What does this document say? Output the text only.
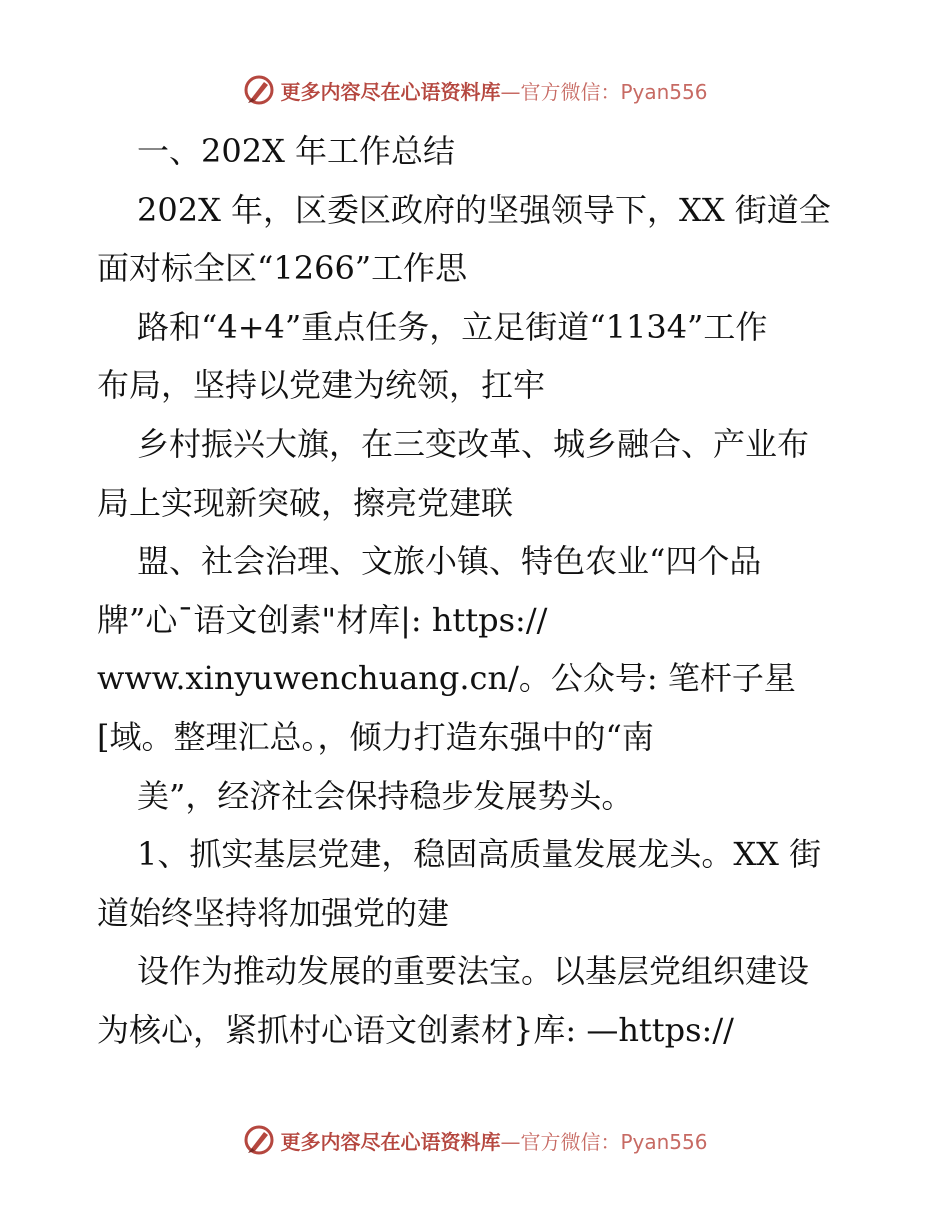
更多内容尽在心语资料库—官方微信：Pyan556
一、202X 年工作总结
202X 年，区委区政府的坚强领导下，XX 街道全
面对标全区“1266”工作思
路和“4+4”重点任务，立足街道“1134”工作
布局，坚持以党建为统领，扛牢
乡村振兴大旗，在三变改革、城乡融合、产业布
局上实现新突破，擦亮党建联
盟、社会治理、文旅小镇、特色农业“四个品
牌”心¯语文创素"材库|: https://
www.xinyuwenchuang.cn/。公众号: 笔杆子星
[域。整理汇总。，倾力打造东强中的“南
美”，经济社会保持稳步发展势头。
1、抓实基层党建，稳固高质量发展龙头。XX 街
道始终坚持将加强党的建
设作为推动发展的重要法宝。以基层党组织建设
为核心，紧抓村心语文创素材}库: —https://
更多内容尽在心语资料库—官方微信：Pyan556
